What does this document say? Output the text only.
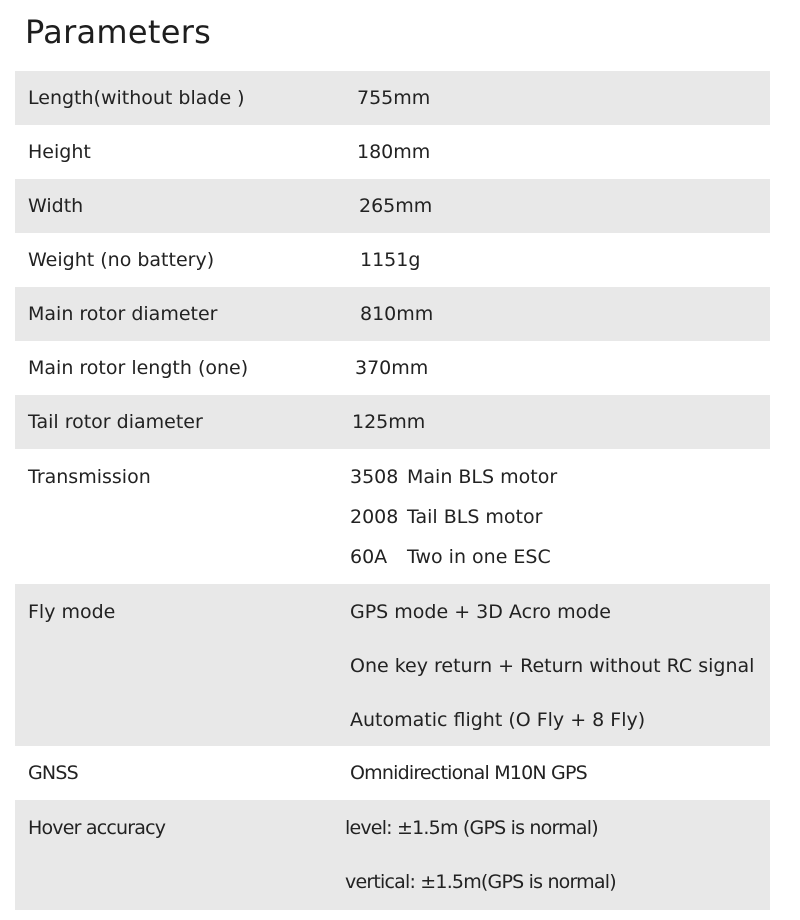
Parameters
Length(without blade )	755mm
Height	180mm
Width	265mm
Weight (no battery)	1151g
Main rotor diameter	810mm
Main rotor length (one)	370mm
Tail rotor diameter	125mm
Transmission	3508 Main BLS motor
2008 Tail BLS motor
60A Two in one ESC
Fly mode	GPS mode + 3D Acro mode
One key return + Return without RC signal
Automatic flight (O Fly + 8 Fly)
GNSS	Omnidirectional M10N GPS
Hover accuracy	level: ±1.5m (GPS is normal)
vertical: ±1.5m(GPS is normal)
